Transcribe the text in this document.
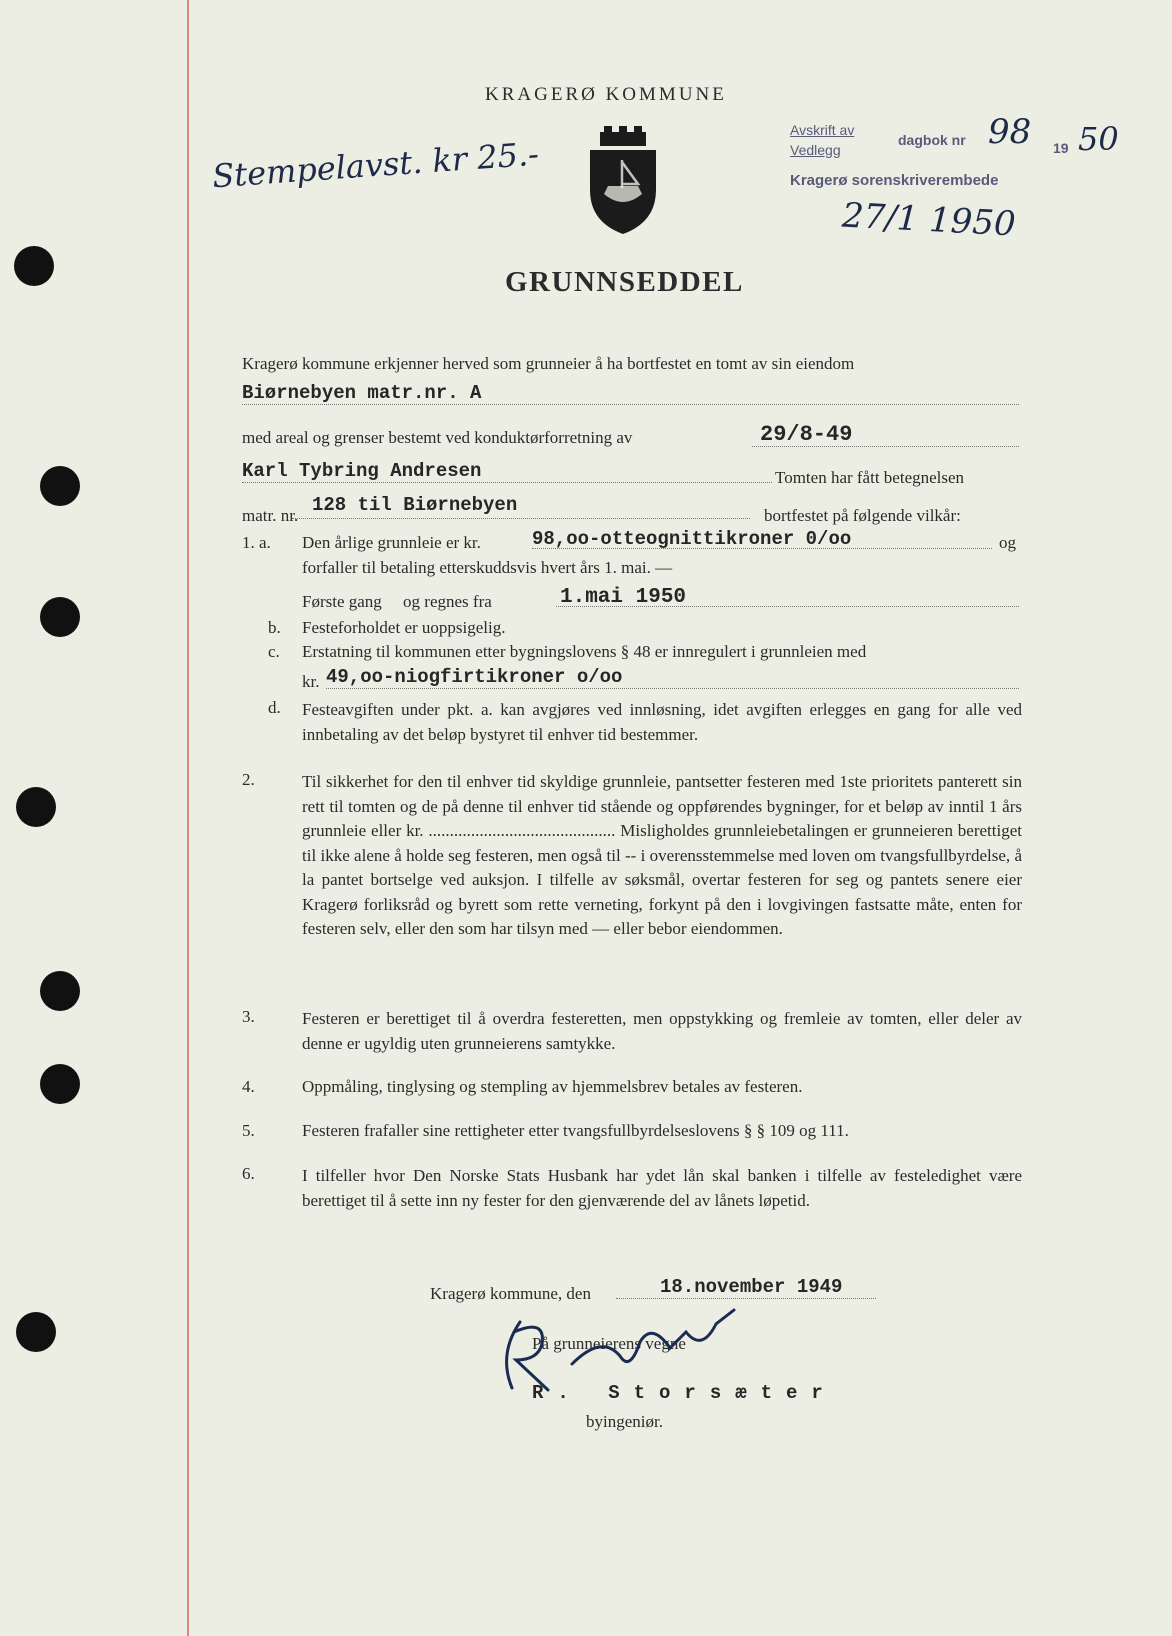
KRAGERØ KOMMUNE
Stempelavst. kr 25.-
Avskrift av
Vedlegg
dagbok nr 98 19 50
Kragerø sorenskriverembede
27/1 1950
GRUNNSEDDEL
Kragerø kommune erkjenner herved som grunneier å ha bortfestet en tomt av sin eiendom
Biørnebyen matr.nr. A
med areal og grenser bestemt ved konduktørforretning av	29/8-49
Karl Tybring Andresen	Tomten har fått betegnelsen
matr. nr. 128 til Biørnebyen	bortfestet på følgende vilkår:
1. a. Den årlige grunnleie er kr.	98,oo-otteognittikroner 0/oo	og
forfaller til betaling etterskuddsvis hvert års 1. mai. —
Første gang     og regnes fra	1.mai 1950
b. Festeforholdet er uoppsigelig.
c. Erstatning til kommunen etter bygningslovens § 48 er innregulert i grunnleien med
kr. 49,oo-niogfirtikroner o/oo
d. Festeavgiften under pkt. a. kan avgjøres ved innløsning, idet avgiften erlegges en gang for alle ved innbetaling av det beløp bystyret til enhver tid bestemmer.
2.	Til sikkerhet for den til enhver tid skyldige grunnleie, pantsetter festeren med 1ste prioritets panterett sin rett til tomten og de på denne til enhver tid stående og oppførendes bygninger, for et beløp av inntil 1 års grunnleie eller kr. ............................................ Misligholdes grunnleiebetalingen er grunneieren berettiget til ikke alene å holde seg festeren, men også til -- i overensstemmelse med loven om tvangsfullbyrdelse, å la pantet bortselge ved auksjon. I tilfelle av søksmål, overtar festeren for seg og pantets senere eier Kragerø forliksråd og byrett som rette verneting, forkynt på den i lovgivingen fastsatte måte, enten for festeren selv, eller den som har tilsyn med — eller bebor eiendommen.
3.	Festeren er berettiget til å overdra festeretten, men oppstykking og fremleie av tomten, eller deler av denne er ugyldig uten grunneierens samtykke.
4.	Oppmåling, tinglysing og stempling av hjemmelsbrev betales av festeren.
5.	Festeren frafaller sine rettigheter etter tvangsfullbyrdelseslovens § § 109 og 111.
6.	I tilfeller hvor Den Norske Stats Husbank har ydet lån skal banken i tilfelle av festeledighet være berettiget til å sette inn ny fester for den gjenværende del av lånets løpetid.
Kragerø kommune, den	18.november 1949
På grunneierens vegne
R. Storsæter
byingeniør.
